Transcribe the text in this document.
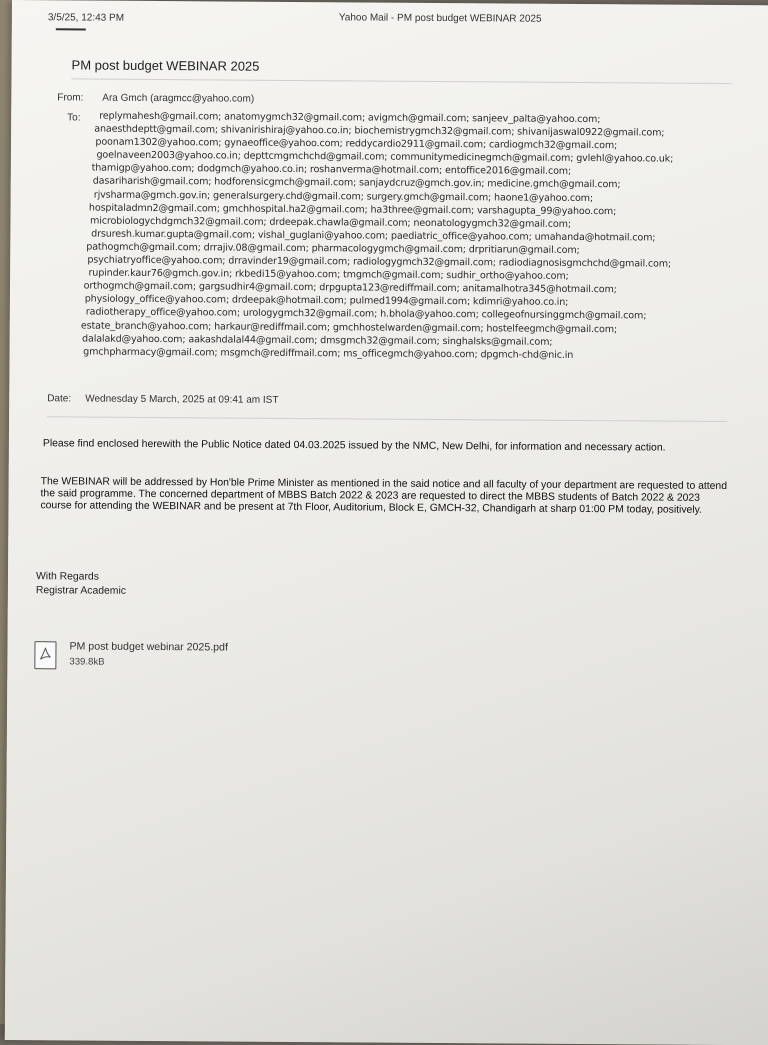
3/5/25, 12:43 PM	Yahoo Mail - PM post budget WEBINAR 2025
PM post budget WEBINAR 2025
From: Ara Gmch (aragmcc@yahoo.com)
To: replymahesh@gmail.com; anatomygmch32@gmail.com; avigmch@gmail.com; sanjeev_palta@yahoo.com;
anaesthdeptt@gmail.com; shivanirishiraj@yahoo.co.in; biochemistrygmch32@gmail.com; shivanijaswal0922@gmail.com;
poonam1302@yahoo.com; gynaeoffice@yahoo.com; reddycardio2911@gmail.com; cardiogmch32@gmail.com;
goelnaveen2003@yahoo.co.in; depttcmgmchchd@gmail.com; communitymedicinegmch@gmail.com; gvlehl@yahoo.co.uk;
thamigp@yahoo.com; dodgmch@yahoo.co.in; roshanverma@hotmail.com; entoffice2016@gmail.com;
dasariharish@gmail.com; hodforensicgmch@gmail.com; sanjaydcruz@gmch.gov.in; medicine.gmch@gmail.com;
rjvsharma@gmch.gov.in; generalsurgery.chd@gmail.com; surgery.gmch@gmail.com; haone1@yahoo.com;
hospitaladmn2@gmail.com; gmchhospital.ha2@gmail.com; ha3three@gmail.com; varshagupta_99@yahoo.com;
microbiologychdgmch32@gmail.com; drdeepak.chawla@gmail.com; neonatologygmch32@gmail.com;
drsuresh.kumar.gupta@gmail.com; vishal_guglani@yahoo.com; paediatric_office@yahoo.com; umahanda@hotmail.com;
pathogmch@gmail.com; drrajiv.08@gmail.com; pharmacologygmch@gmail.com; drpritiarun@gmail.com;
psychiatryoffice@yahoo.com; drravinder19@gmail.com; radiologygmch32@gmail.com; radiodiagnosisgmchchd@gmail.com;
rupinder.kaur76@gmch.gov.in; rkbedi15@yahoo.com; tmgmch@gmail.com; sudhir_ortho@yahoo.com;
orthogmch@gmail.com; gargsudhir4@gmail.com; drpgupta123@rediffmail.com; anitamalhotra345@hotmail.com;
physiology_office@yahoo.com; drdeepak@hotmail.com; pulmed1994@gmail.com; kdimri@yahoo.co.in;
radiotherapy_office@yahoo.com; urologygmch32@gmail.com; h.bhola@yahoo.com; collegeofnursinggmch@gmail.com;
estate_branch@yahoo.com; harkaur@rediffmail.com; gmchhostelwarden@gmail.com; hostelfeegmch@gmail.com;
dalalakd@yahoo.com; aakashdalal44@gmail.com; dmsgmch32@gmail.com; singhalsks@gmail.com;
gmchpharmacy@gmail.com; msgmch@rediffmail.com; ms_officegmch@yahoo.com; dpgmch-chd@nic.in
Date: Wednesday 5 March, 2025 at 09:41 am IST
Please find enclosed herewith the Public Notice dated 04.03.2025 issued by the NMC, New Delhi, for information and necessary action.
The WEBINAR will be addressed by Hon'ble Prime Minister as mentioned in the said notice and all faculty of your department are requested to attend the said programme. The concerned department of MBBS Batch 2022 & 2023 are requested to direct the MBBS students of Batch 2022 & 2023 course for attending the WEBINAR and be present at 7th Floor, Auditorium, Block E, GMCH-32, Chandigarh at sharp 01:00 PM today, positively.
With Regards
Registrar Academic
PM post budget webinar 2025.pdf
339.8kB
